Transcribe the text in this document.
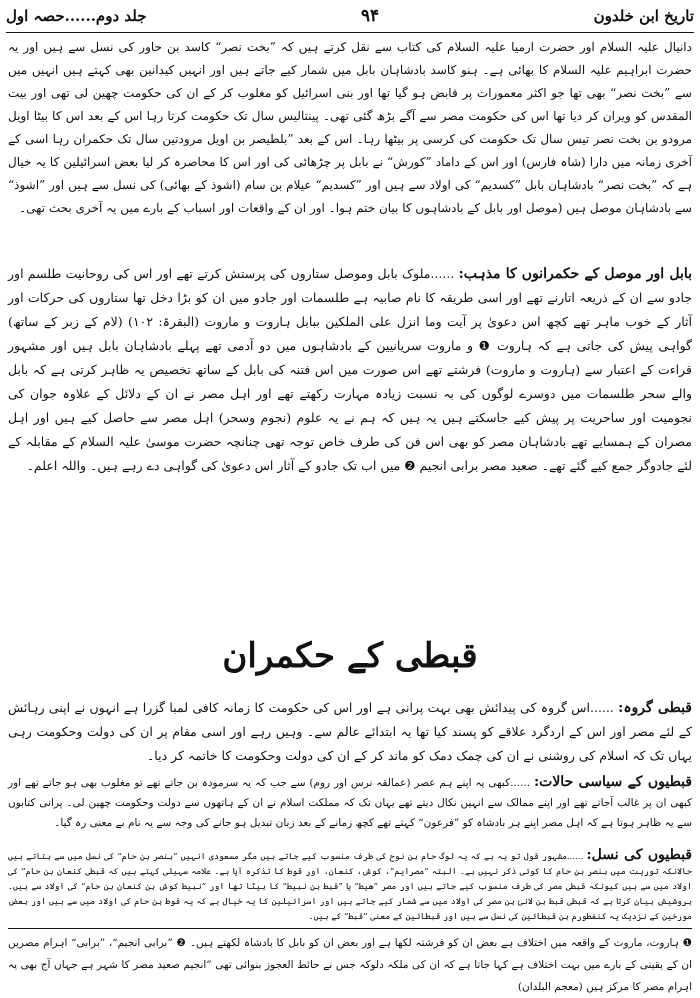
تاریخ ابن خلدون
۹۴
جلد دوم......حصہ اول
دانیال علیہ السلام اور حضرت ارمیا علیہ السلام کی کتاب سے نقل کرتے ہیں کہ ”بخت نصر“ کاسد بن حاور کی نسل سے ہیں اور یہ حضرت ابراہیم علیہ السلام کا بھائی ہے۔ ہنو کاسد بادشاہان بابل میں شمار کیے جاتے ہیں اور انہیں کیدانین بھی کہتے ہیں انہیں میں سے ”بخت نصر“ بھی تھا جو اکثر معمورات پر قابض ہو گیا تھا اور بنی اسرائیل کو مغلوب کر کے ان کی حکومت چھین لی تھی اور بیت المقدس کو ویران کر دیا تھا اس کی حکومت مصر سے آگے بڑھ گئی تھی۔ پینتالیس سال تک حکومت کرتا رہا اس کے بعد اس کا بیٹا اویل مرودو بن بخت نصر تیس سال تک حکومت کی کرسی پر بیٹھا رہا۔ اس کے بعد ”بلطیصر بن اویل مرودتین سال تک حکمران رہا اسی کے آخری زمانہ میں دارا (شاہ فارس) اور اس کے داماد ”کورش“ نے بابل پر چڑھائی کی اور اس کا محاصرہ کر لیا بعض اسرائیلین کا یہ خیال ہے کہ ”بخت نصر“ بادشاہان بابل ”کسدیم“ کی اولاد سے ہیں اور ”کسدیم“ عیلام بن سام (اشوذ کے بھائی) کی نسل سے ہیں اور ”اشوذ“ سے بادشاہان موصل ہیں (موصل اور بابل کے بادشاہوں کا بیان ختم ہوا۔ اور ان کے واقعات اور اسباب کے بارے میں یہ آخری بحث تھی۔
بابل اور موصل کے حکمرانوں کا مذہب: ......ملوک بابل وموصل ستاروں کی پرستش کرتے تھے اور اس کی روحانیت طلسم اور جادو سے ان کے ذریعہ اتارنے تھے اور اسی طریقہ کا نام صابیہ ہے طلسمات اور جادو میں ان کو بڑا دخل تھا ستاروں کی حرکات اور آثار کے خوب ماہر تھے کچھ اس دعویٰ پر آیت وما انزل علی الملکین ببابل ہاروت و ماروت (البقرۃ: ۱۰۲) (لام کے زبر کے ساتھ) گواہی پیش کی جاتی ہے کہ ہاروت ❶ و ماروت سریانیین کے بادشاہوں میں دو آدمی تھے پہلے بادشاہان بابل ہیں اور مشہور قراءت کے اعتبار سے (ہاروت و ماروت) فرشتے تھے اس صورت میں اس فتنہ کی بابل کے ساتھ تخصیص یہ ظاہر کرتی ہے کہ بابل والے سحر طلسمات میں دوسرے لوگوں کی بہ نسبت زیادہ مہارت رکھتے تھے اور اہل مصر نے ان کے دلائل کے علاوہ جوان کی نجومیت اور ساحریت پر پیش کیے جاسکتے ہیں یہ ہیں کہ ہم نے یہ علوم (نجوم وسحر) اہل مصر سے حاصل کیے ہیں اور اہل مصران کے ہمسایے تھے بادشاہان مصر کو بھی اس فن کی طرف خاص توجہ تھی چنانچہ حضرت موسیٰ علیہ السلام کے مقابلہ کے لئے جادوگر جمع کیے گئے تھے۔ صعید مصر برابی انجیم ❷ میں اب تک جادو کے آثار اس دعویٰ کی گواہی دے رہے ہیں۔ واللہ اعلم۔
قبطی کے حکمران
قبطی گروہ: ......اس گروہ کی پیدائش بھی بہت پرانی ہے اور اس کی حکومت کا زمانہ کافی لمبا گزرا ہے انہوں نے اپنی رہائش کے لئے مصر اور اس کے اردگرد علاقے کو پسند کیا تھا یہ ابتدائے عالم سے۔ وہیں رہے اور اسی مقام پر ان کی دولت وحکومت رہی یہاں تک کہ اسلام کی روشنی نے ان کی چمک دمک کو ماند کر کے ان کی دولت وحکومت کا خاتمہ کر دیا۔
قبطیوں کے سیاسی حالات: ......کبھی یہ اپنے ہم عصر (عمالقہ نرس اور روم) سے جب کہ یہ سرمودہ بن جاتے تھے تو مغلوب بھی ہو جاتے تھے اور کبھی ان پر غالب آجاتے تھے اور اپنے ممالک سے انہیں نکال دیتے تھے یہاں تک کہ مملکت اسلام نے ان کے ہاتھوں سے دولت وحکومت چھین لی۔ پرانی کتابوں سے یہ ظاہر ہوتا ہے کہ اہل مصر اپنے ہر بادشاہ کو ”فرعون“ کہتے تھے کچھ زمانے کے بعد زبان تبدیل ہو جانے کی وجہ سے یہ نام بے معنی رہ گیا۔
قبطیوں کی نسل: ......مشہور قول تو یہ ہے کہ یہ لوگ حام بن نوح کی طرف منسوب کیے جاتے ہیں مگر مسعودی انہیں ”بنصر بن حام“ کی نسل میں سے بتاتے ہیں حالانکہ توریت میں بنصر بن حام کا کوئی ذکر نہیں ہے۔ البتہ ”مصرایم“، کوش، کنعان، اور قوط کا تذکرہ آیا ہے۔ علامہ سہیلی کہتے ہیں کہ قبطی کنعان بن حام“ کی اولاد میں سے ہیں کیونکہ قبطی مصر کی طرف منسوب کیے جاتے ہیں اور مصر ”ھیط“ یا ”قبط بن نبیط“ کا بیٹا تھا اور ”نبیط کوش بن کنعان بن حام“ کی اولاد سے ہیں۔ ہروشیش بیان کرتا ہے کہ قبطی قبط بن لانئ بن مصر کی اولاد میں سے شمار کیے جاتے ہیں اور اسرائیلین کا یہ خیال ہے کہ یہ قوط بن حام کی اولاد میں سے ہیں اور بعض مورخین کے نزدیک یہ کنفطورم بن قبطائین کی نسل سے ہیں اور قبطائین کے معنی ”قبط“ کے ہیں۔
❶ ہاروت، ماروت کے واقعہ میں اختلاف ہے بعض ان کو فرشتہ لکھا ہے اور بعض ان کو بابل کا بادشاہ لکھتے ہیں۔ ❷ ”برابی انجیم“، ”برابی“ اہرام مصریں ان کے یقینی کے بارے میں بہت اختلاف ہے کہا جاتا ہے کہ ان کی ملکہ دلوکہ جس نے حائط العجوز بنوائی تھی ”انجیم صعید مصر کا شہر ہے جہاں آج بھی یہ اہرام مصر کا مرکز ہیں (معجم البلدان)
